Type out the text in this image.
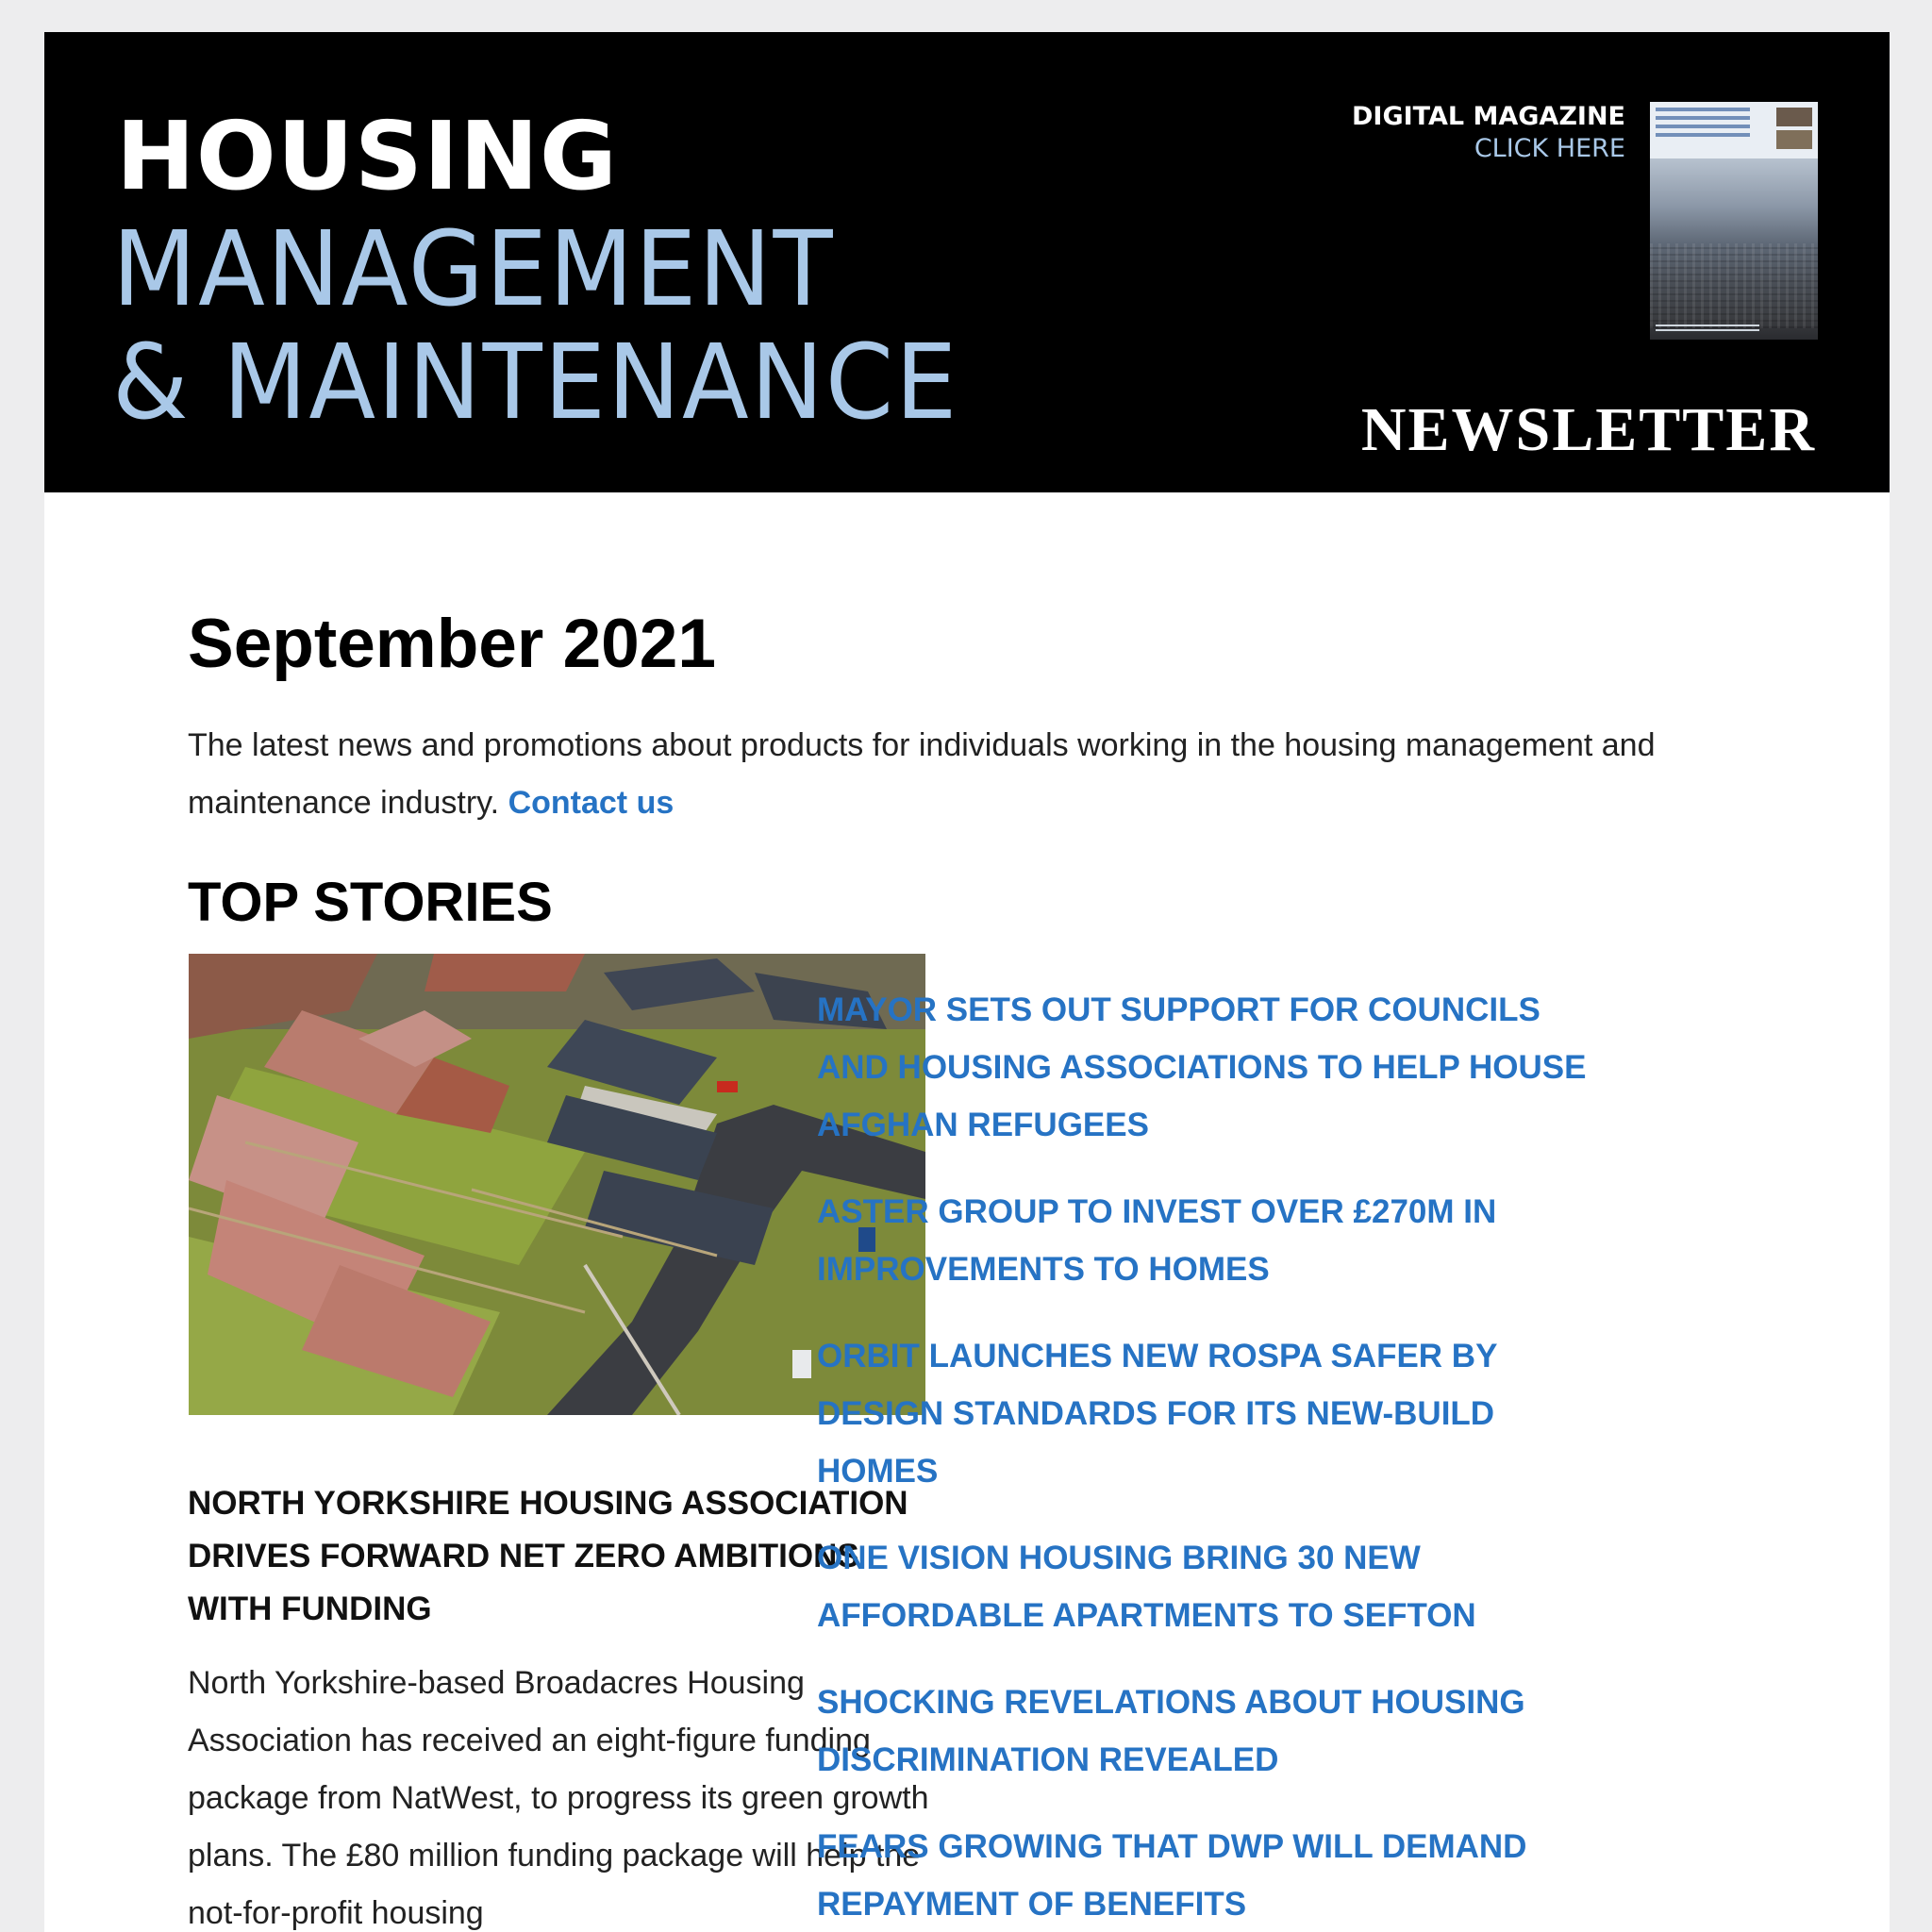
HOUSING
MANAGEMENT
& MAINTENANCE
DIGITAL MAGAZINE
CLICK HERE
NEWSLETTER
September 2021

The latest news and promotions about products for individuals working in the housing management and maintenance industry. Contact us

TOP STORIES
NORTH YORKSHIRE HOUSING ASSOCIATION DRIVES FORWARD NET ZERO AMBITIONS WITH FUNDING

North Yorkshire-based Broadacres Housing Association has received an eight-figure funding package from NatWest, to progress its green growth plans. The £80 million funding package will help the not-for-profit housing

MAYOR SETS OUT SUPPORT FOR COUNCILS AND HOUSING ASSOCIATIONS TO HELP HOUSE AFGHAN REFUGEES
ASTER GROUP TO INVEST OVER £270M IN IMPROVEMENTS TO HOMES
ORBIT LAUNCHES NEW ROSPA SAFER BY DESIGN STANDARDS FOR ITS NEW-BUILD HOMES
ONE VISION HOUSING BRING 30 NEW AFFORDABLE APARTMENTS TO SEFTON
SHOCKING REVELATIONS ABOUT HOUSING DISCRIMINATION REVEALED
FEARS GROWING THAT DWP WILL DEMAND REPAYMENT OF BENEFITS
